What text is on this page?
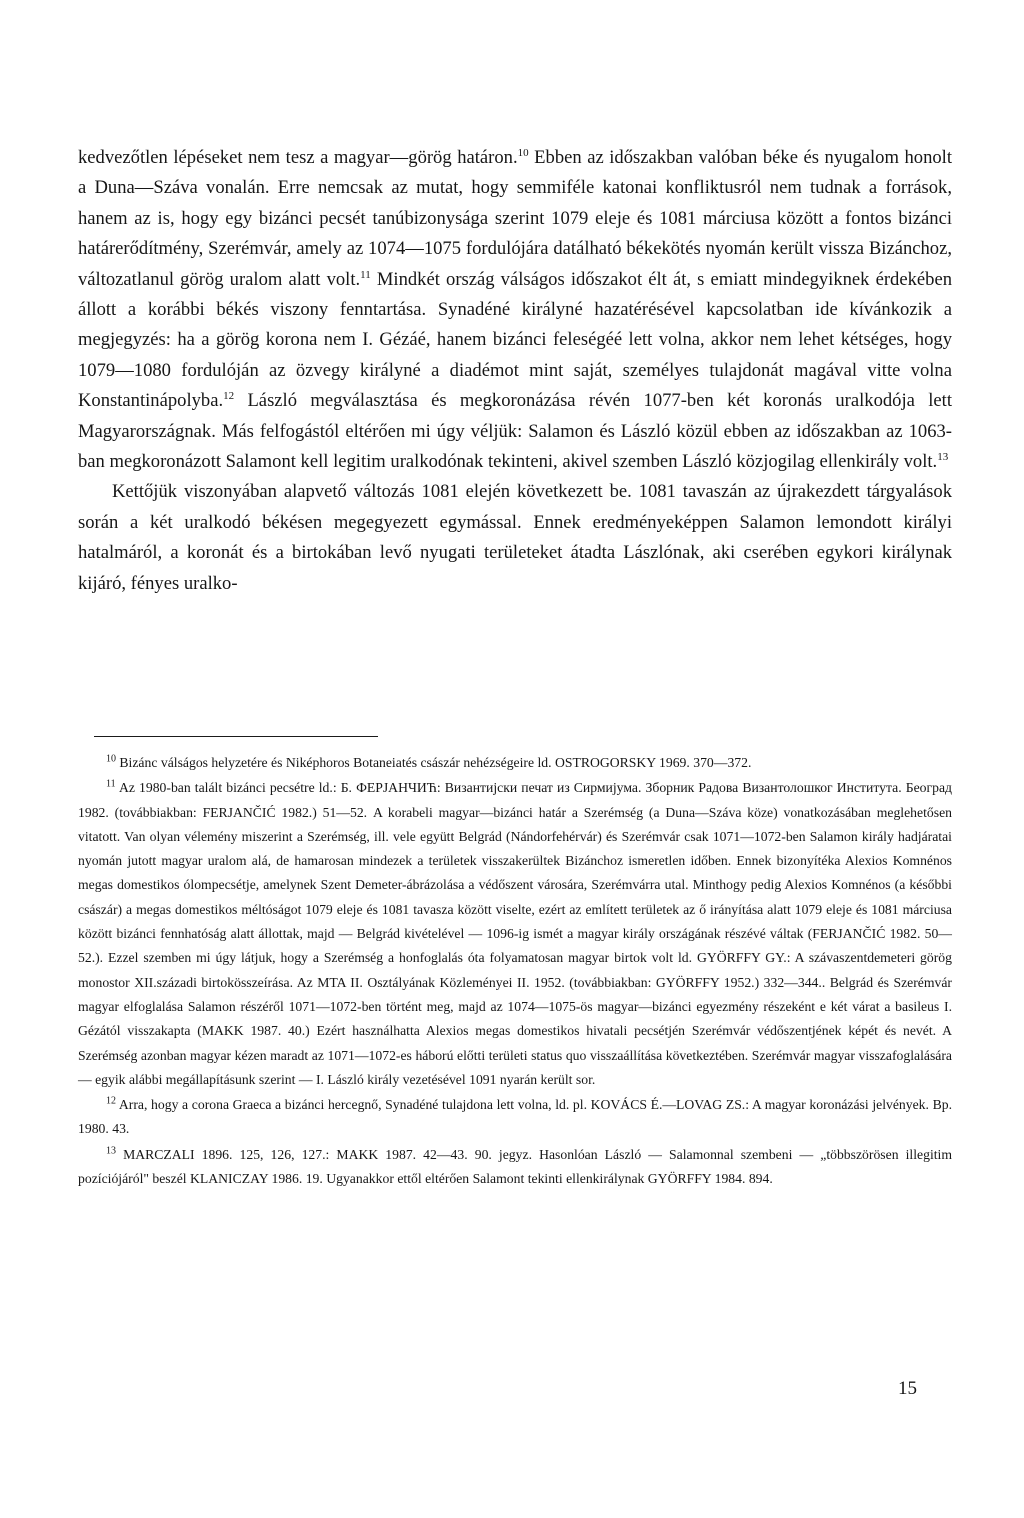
kedvezőtlen lépéseket nem tesz a magyar—görög határon.$^{10}$ Ebben az időszakban valóban béke és nyugalom honolt a Duna—Száva vonalán. Erre nemcsak az mutat, hogy semmiféle katonai konfliktusról nem tudnak a források, hanem az is, hogy egy bizánci pecsét tanúbizonysága szerint 1079 eleje és 1081 márciusa között a fontos bizánci határerődítmény, Szerémvár, amely az 1074—1075 fordulójára datálható békekötés nyomán került vissza Bizánchoz, változatlanul görög uralom alatt volt.$^{11}$ Mindkét ország válságos időszakot élt át, s emiatt mindegyiknek érdekében állott a korábbi békés viszony fenntartása. Synadéné királyné hazatérésével kapcsolatban ide kívánkozik a megjegyzés: ha a görög korona nem I. Gézáé, hanem bizánci feleségéé lett volna, akkor nem lehet kétséges, hogy 1079—1080 fordulóján az özvegy királyné a diadémot mint saját, személyes tulajdonát magával vitte volna Konstantinápolyba.$^{12}$ László megválasztása és megkoronázása révén 1077-ben két koronás uralkodója lett Magyarországnak. Más felfogástól eltérően mi úgy véljük: Salamon és László közül ebben az időszakban az 1063-ban megkoronázott Salamont kell legitim uralkodónak tekinteni, akivel szemben László közjogilag ellenkirály volt.$^{13}$

Kettőjük viszonyában alapvető változás 1081 elején következett be. 1081 tavaszán az újrakezdett tárgyalások során a két uralkodó békésen megegyezett egymással. Ennek eredményeképpen Salamon lemondott királyi hatalmáról, a koronát és a birtokában levő nyugati területeket átadta Lászlónak, aki cserében egykori királynak kijáró, fényes uralko-

$^{10}$ Bizánc válságos helyzetére és Niképhoros Botaneiatés császár nehézségeire ld. OSTROGORSKY 1969. 370—372.

$^{11}$ Az 1980-ban talált bizánci pecsétre ld.: Б. ФЕРЈАНЧИЋ: Византијски печат из Сирмијума. Зборник Радова Византолошког Института. Београд 1982. (továbbiakban: FERJANČIĆ 1982.) 51—52. A korabeli magyar—bizánci határ a Szerémség (a Duna—Száva köze) vonatkozásában meglehetősen vitatott. Van olyan vélemény miszerint a Szerémség, ill. vele együtt Belgrád (Nándorfehérvár) és Szerémvár csak 1071—1072-ben Salamon király hadjáratai nyomán jutott magyar uralom alá, de hamarosan mindezek a területek visszakerültek Bizánchoz ismeretlen időben. Ennek bizonyítéka Alexios Komnénos megas domestikos ólompecsétje, amelynek Szent Demeter-ábrázolása a védőszent városára, Szerémvárra utal. Minthogy pedig Alexios Komnénos (a későbbi császár) a megas domestikos méltóságot 1079 eleje és 1081 tavasza között viselte, ezért az említett területek az ő irányítása alatt 1079 eleje és 1081 márciusa között bizánci fennhatóság alatt állottak, majd — Belgrád kivételével — 1096-ig ismét a magyar király országának részévé váltak (FERJANČIĆ 1982. 50—52.). Ezzel szemben mi úgy látjuk, hogy a Szerémség a honfoglalás óta folyamatosan magyar birtok volt ld. GYÖRFFY GY.: A szávaszentdemeteri görög monostor XII.századi birtokösszeírása. Az MTA II. Osztályának Közleményei II. 1952. (továbbiakban: GYÖRFFY 1952.) 332—344.. Belgrád és Szerémvár magyar elfoglalása Salamon részéről 1071—1072-ben történt meg, majd az 1074—1075-ös magyar—bizánci egyezmény részeként e két várat a basileus I. Gézától visszakapta (MAKK 1987. 40.) Ezért használhatta Alexios megas domestikos hivatali pecsétjén Szerémvár védőszentjének képét és nevét. A Szerémség azonban magyar kézen maradt az 1071—1072-es háború előtti területi status quo visszaállítása következtében. Szerémvár magyar visszafoglalására — egyik alábbi megállapításunk szerint — I. László király vezetésével 1091 nyarán került sor.

$^{12}$ Arra, hogy a corona Graeca a bizánci hercegnő, Synadéné tulajdona lett volna, ld. pl. KOVÁCS É.—LOVAG ZS.: A magyar koronázási jelvények. Bp. 1980. 43.

$^{13}$ MARCZALI 1896. 125, 126, 127.: MAKK 1987. 42—43. 90. jegyz. Hasonlóan László — Salamonnal szembeni — „többszörösen illegitim pozíciójáról" beszél KLANICZAY 1986. 19. Ugyanakkor ettől eltérően Salamont tekinti ellenkirálynak GYÖRFFY 1984. 894.

15
